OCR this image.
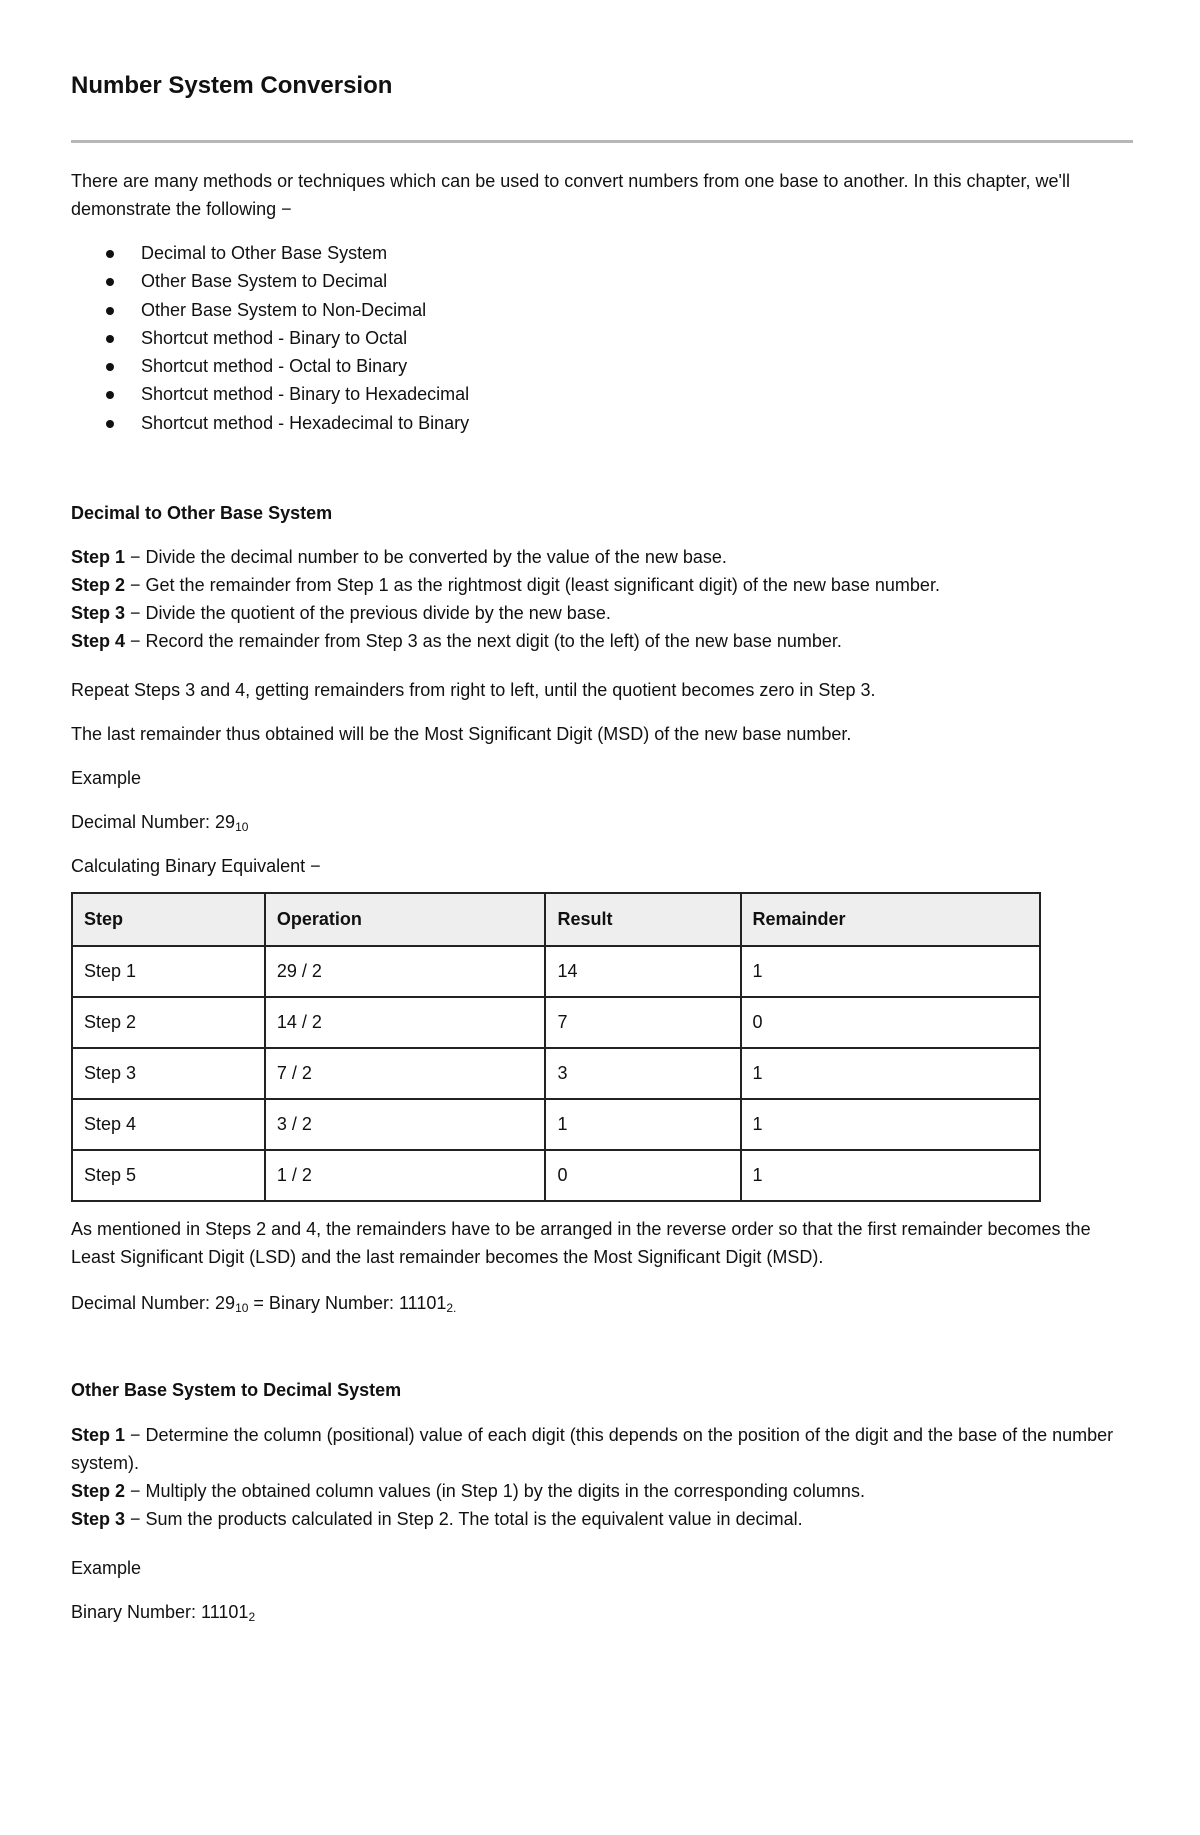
Number System Conversion

There are many methods or techniques which can be used to convert numbers from one base to another. In this chapter, we'll demonstrate the following −

Decimal to Other Base System
Other Base System to Decimal
Other Base System to Non-Decimal
Shortcut method - Binary to Octal
Shortcut method - Octal to Binary
Shortcut method - Binary to Hexadecimal
Shortcut method - Hexadecimal to Binary
Decimal to Other Base System

Step 1 − Divide the decimal number to be converted by the value of the new base.

Step 2 − Get the remainder from Step 1 as the rightmost digit (least significant digit) of the new base number.

Step 3 − Divide the quotient of the previous divide by the new base.

Step 4 − Record the remainder from Step 3 as the next digit (to the left) of the new base number.

Repeat Steps 3 and 4, getting remainders from right to left, until the quotient becomes zero in Step 3.

The last remainder thus obtained will be the Most Significant Digit (MSD) of the new base number.

Example

Decimal Number: $29_{10}$

Calculating Binary Equivalent −

Step	Operation	Result	Remainder
Step 1	29 / 2	14	1
Step 2	14 / 2	7	0
Step 3	7 / 2	3	1
Step 4	3 / 2	1	1
Step 5	1 / 2	0	1

As mentioned in Steps 2 and 4, the remainders have to be arranged in the reverse order so that the first remainder becomes the Least Significant Digit (LSD) and the last remainder becomes the Most Significant Digit (MSD).

Decimal Number: $29_{10}$ = Binary Number: $11101_{2.}$

Other Base System to Decimal System

Step 1 − Determine the column (positional) value of each digit (this depends on the position of the digit and the base of the number system).

Step 2 − Multiply the obtained column values (in Step 1) by the digits in the corresponding columns.

Step 3 − Sum the products calculated in Step 2. The total is the equivalent value in decimal.

Example

Binary Number: $11101_2$
